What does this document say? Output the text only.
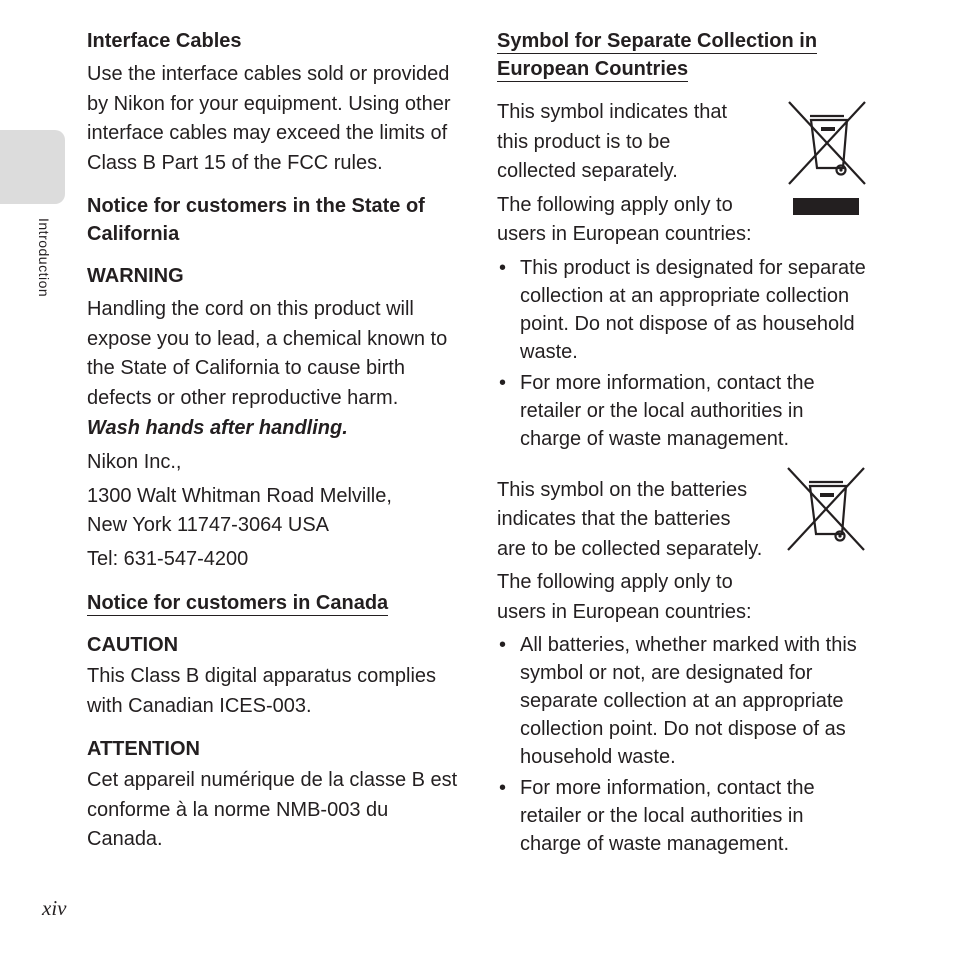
Introduction
xiv
Interface Cables

Use the interface cables sold or provided by Nikon for your equipment. Using other interface cables may exceed the limits of Class B Part 15 of the FCC rules.

Notice for customers in the State of California
WARNING

Handling the cord on this product will expose you to lead, a chemical known to the State of California to cause birth defects or other reproductive harm.

Wash hands after handling.

Nikon Inc.,

1300 Walt Whitman Road Melville,

New York 11747-3064 USA

Tel: 631-547-4200

Notice for customers in Canada
CAUTION

This Class B digital apparatus complies with Canadian ICES-003.

ATTENTION

Cet appareil numérique de la classe B est conforme à la norme NMB-003 du Canada.

Symbol for Separate Collection in
European Countries

This symbol indicates that

this product is to be

collected separately.

The following apply only to

users in European countries:

• This product is designated for separate collection at an appropriate collection point. Do not dispose of as household waste.
• For more information, contact the retailer or the local authorities in charge of waste management.

This symbol on the batteries

indicates that the batteries

are to be collected separately.

The following apply only to

users in European countries:

• All batteries, whether marked with this symbol or not, are designated for separate collection at an appropriate collection point. Do not dispose of as household waste.
• For more information, contact the retailer or the local authorities in charge of waste management.
